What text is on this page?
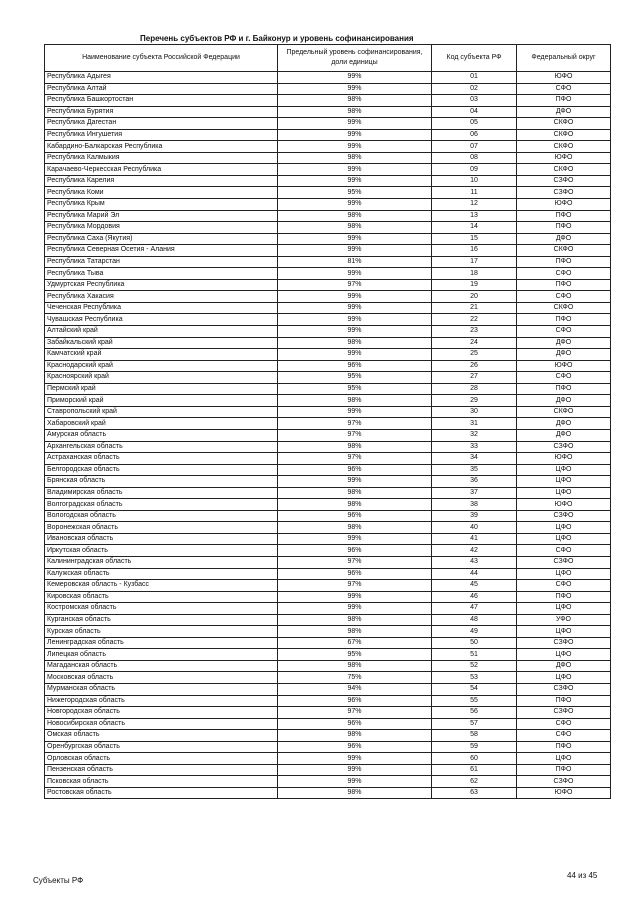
Перечень субъектов РФ и г. Байконур и уровень софинансирования
Наименование субъекта Российской Федерации	Предельный уровень софинансирования, доли единицы	Код субъекта РФ	Федеральный округ
Республика Адыгея	99%	01	ЮФО
Республика Алтай	99%	02	СФО
Республика Башкортостан	98%	03	ПФО
Республика Бурятия	98%	04	ДФО
Республика Дагестан	99%	05	СКФО
Республика Ингушетия	99%	06	СКФО
Кабардино-Балкарская Республика	99%	07	СКФО
Республика Калмыкия	98%	08	ЮФО
Карачаево-Черкесская Республика	99%	09	СКФО
Республика Карелия	99%	10	СЗФО
Республика Коми	95%	11	СЗФО
Республика Крым	99%	12	ЮФО
Республика Марий Эл	98%	13	ПФО
Республика Мордовия	98%	14	ПФО
Республика Саха (Якутия)	99%	15	ДФО
Республика Северная Осетия - Алания	99%	16	СКФО
Республика Татарстан	81%	17	ПФО
Республика Тыва	99%	18	СФО
Удмуртская Республика	97%	19	ПФО
Республика Хакасия	99%	20	СФО
Чеченская Республика	99%	21	СКФО
Чувашская Республика	99%	22	ПФО
Алтайский край	99%	23	СФО
Забайкальский край	98%	24	ДФО
Камчатский край	99%	25	ДФО
Краснодарский край	96%	26	ЮФО
Красноярский край	95%	27	СФО
Пермский край	95%	28	ПФО
Приморский край	98%	29	ДФО
Ставропольский край	99%	30	СКФО
Хабаровский край	97%	31	ДФО
Амурская область	97%	32	ДФО
Архангельская область	98%	33	СЗФО
Астраханская область	97%	34	ЮФО
Белгородская область	96%	35	ЦФО
Брянская область	99%	36	ЦФО
Владимирская область	98%	37	ЦФО
Волгоградская область	98%	38	ЮФО
Вологодская область	96%	39	СЗФО
Воронежская область	98%	40	ЦФО
Ивановская область	99%	41	ЦФО
Иркутская область	96%	42	СФО
Калининградская область	97%	43	СЗФО
Калужская область	96%	44	ЦФО
Кемеровская область - Кузбасс	97%	45	СФО
Кировская область	99%	46	ПФО
Костромская область	99%	47	ЦФО
Курганская область	98%	48	УФО
Курская область	98%	49	ЦФО
Ленинградская область	67%	50	СЗФО
Липецкая область	95%	51	ЦФО
Магаданская область	98%	52	ДФО
Московская область	75%	53	ЦФО
Мурманская область	94%	54	СЗФО
Нижегородская область	96%	55	ПФО
Новгородская область	97%	56	СЗФО
Новосибирская область	96%	57	СФО
Омская область	98%	58	СФО
Оренбургская область	96%	59	ПФО
Орловская область	99%	60	ЦФО
Пензенская область	99%	61	ПФО
Псковская область	99%	62	СЗФО
Ростовская область	98%	63	ЮФО
Субъекты РФ
44 из 45
